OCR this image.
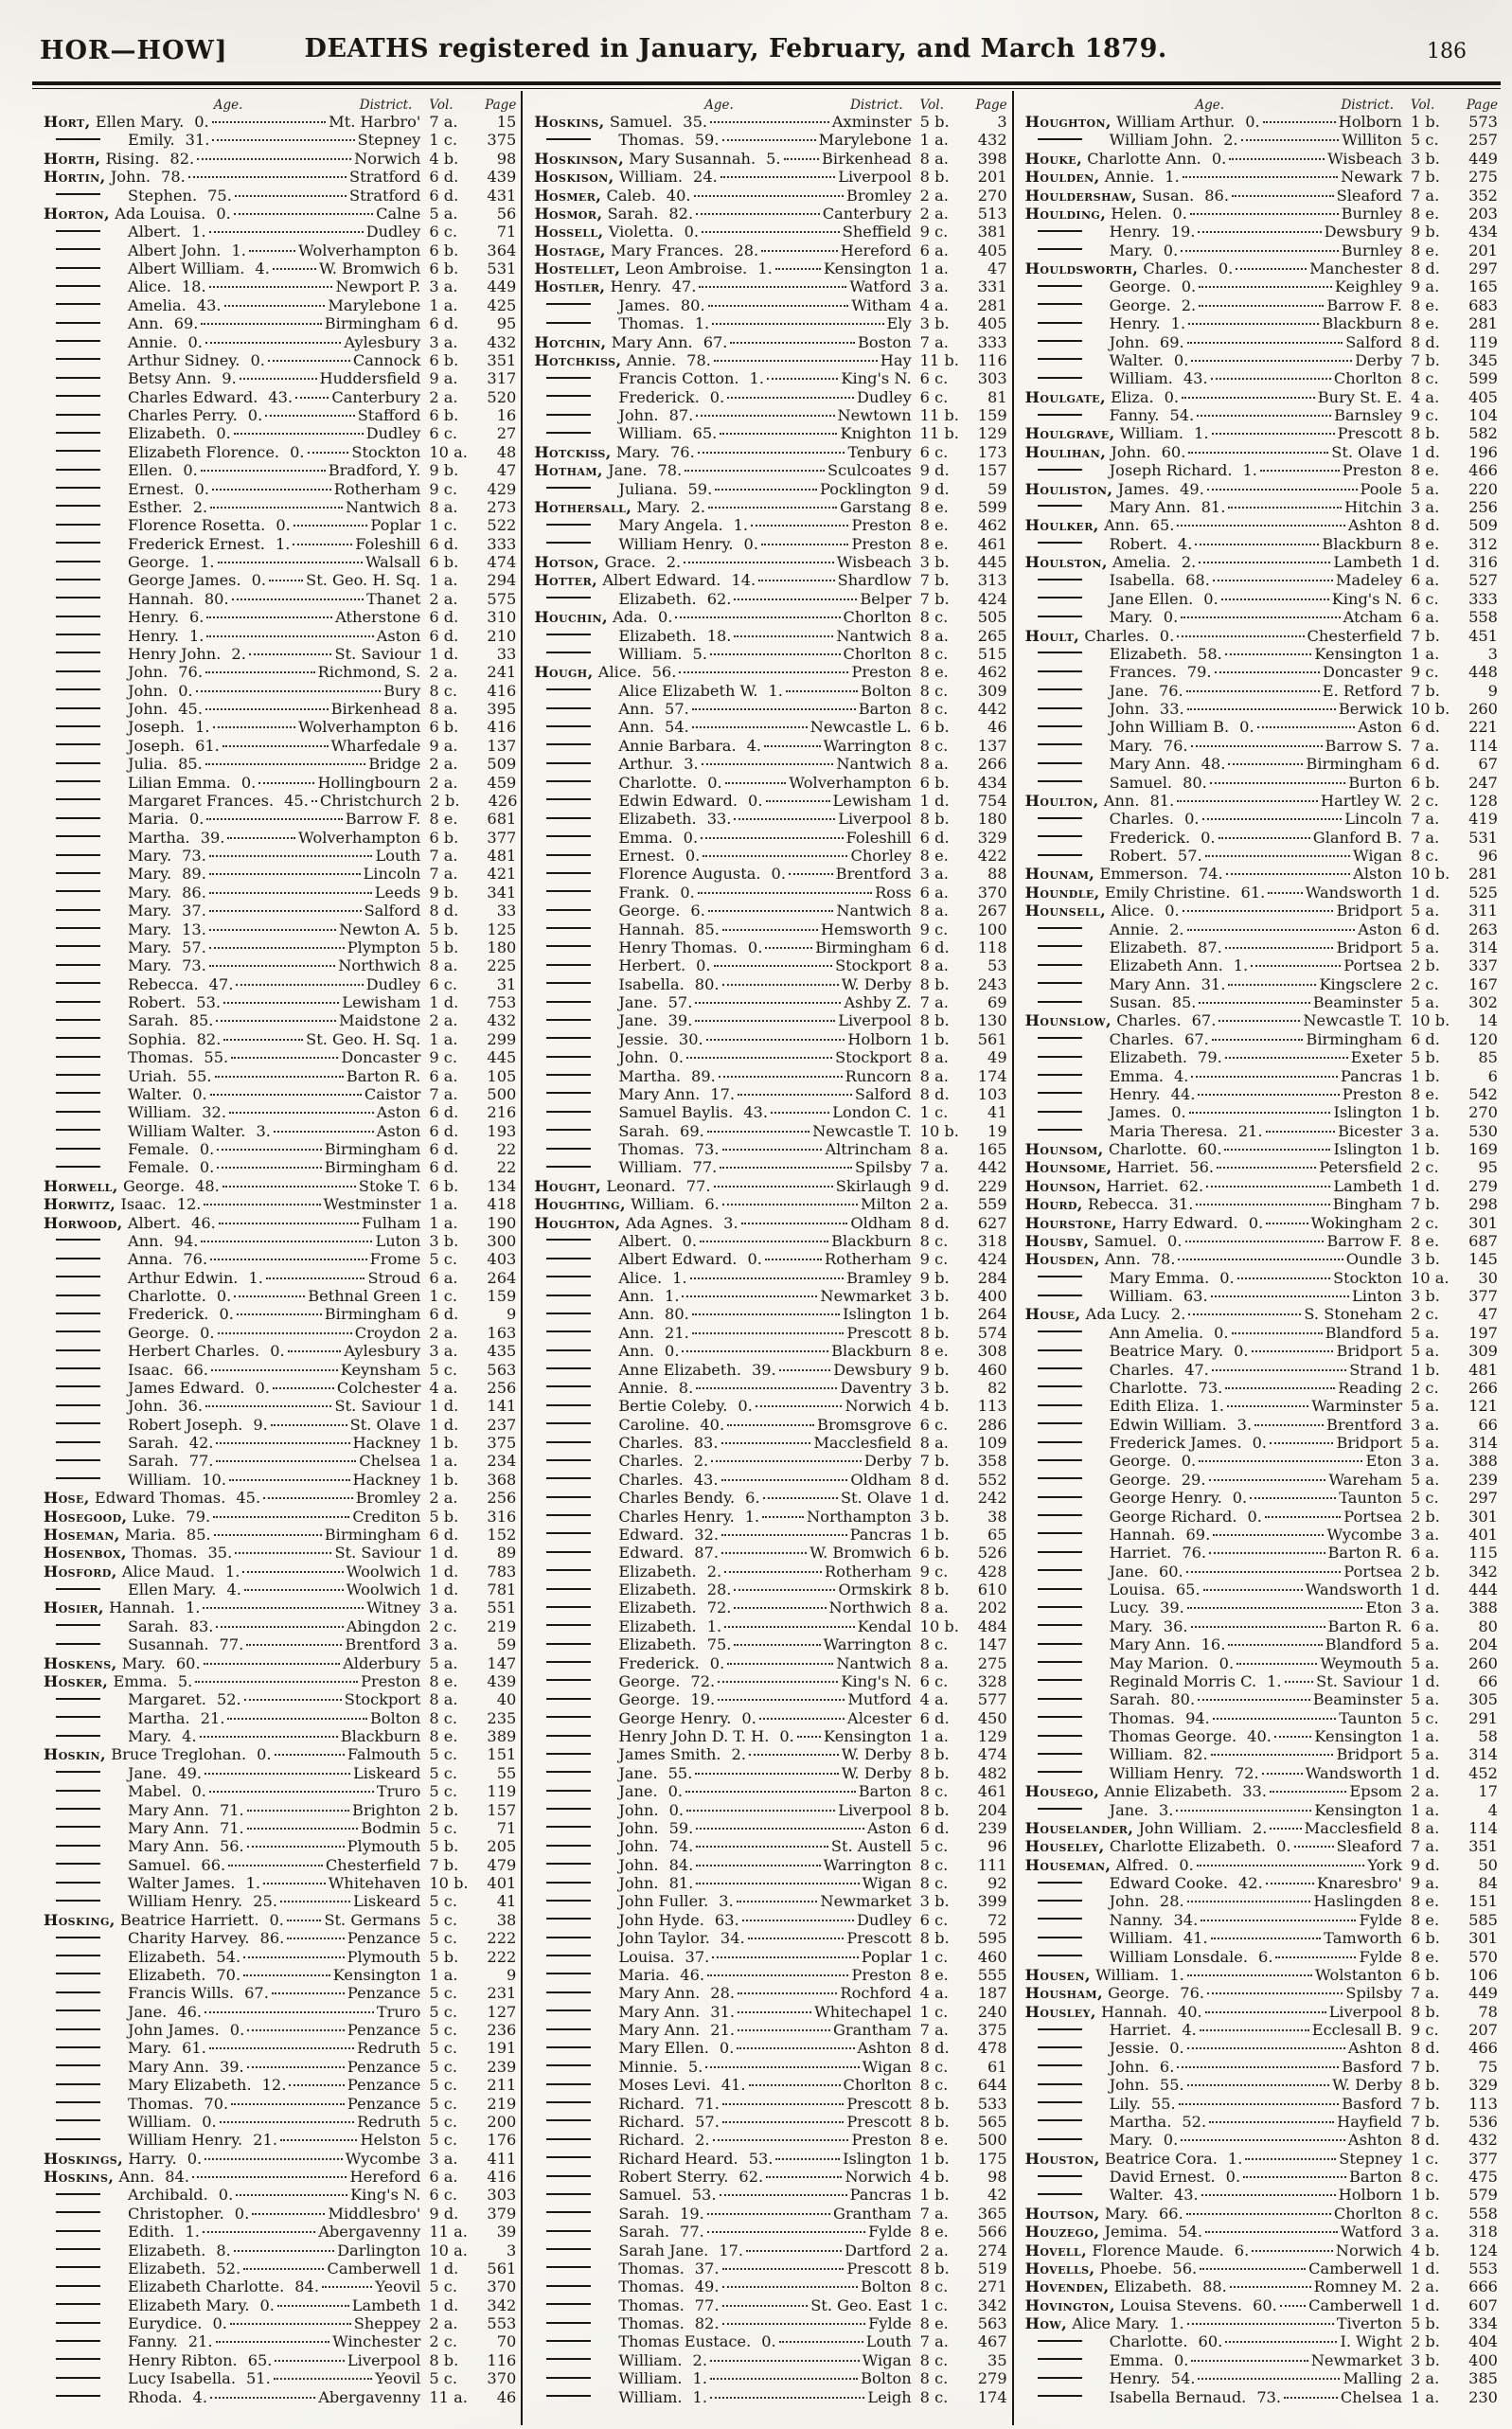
HOR—HOW]	DEATHS registered in January, February, and March 1879.	186
Age.	District.	Vol.	Page
Hort, Ellen Mary. 0.	Mt. Harbro' 7 a.	15
Emily. 31.	Stepney 1 c.	375
Horth, Rising. 82.	Norwich 4 b.	98
Hortin, John. 78.	Stratford 6 d.	439
Stephen. 75.	Stratford 6 d.	431
Horton, Ada Louisa. 0.	Calne 5 a.	56
Albert. 1.	Dudley 6 c.	71
Albert John. 1.	Wolverhampton 6 b.	364
Albert William. 4.	W. Bromwich 6 b.	531
Alice. 18.	Newport P. 3 a.	449
Amelia. 43.	Marylebone 1 a.	425
Ann. 69.	Birmingham 6 d.	95
Annie. 0.	Aylesbury 3 a.	432
Arthur Sidney. 0.	Cannock 6 b.	351
Betsy Ann. 9.	Huddersfield 9 a.	317
Charles Edward. 43.	Canterbury 2 a.	520
Charles Perry. 0.	Stafford 6 b.	16
Elizabeth. 0.	Dudley 6 c.	27
Elizabeth Florence. 0.	Stockton 10 a.	48
Ellen. 0.	Bradford, Y. 9 b.	47
Ernest. 0.	Rotherham 9 c.	429
Esther. 2.	Nantwich 8 a.	273
Florence Rosetta. 0.	Poplar 1 c.	522
Frederick Ernest. 1.	Foleshill 6 d.	333
George. 1.	Walsall 6 b.	474
George James. 0.	St. Geo. H. Sq. 1 a.	294
Hannah. 80.	Thanet 2 a.	575
Henry. 6.	Atherstone 6 d.	310
Henry. 1.	Aston 6 d.	210
Henry John. 2.	St. Saviour 1 d.	33
John. 76.	Richmond, S. 2 a.	241
John. 0.	Bury 8 c.	416
John. 45.	Birkenhead 8 a.	395
Joseph. 1.	Wolverhampton 6 b.	416
Joseph. 61.	Wharfedale 9 a.	137
Julia. 85.	Bridge 2 a.	509
Lilian Emma. 0.	Hollingbourn 2 a.	459
Margaret Frances. 45. Christchurch 2 b.	426
Maria. 0.	Barrow F. 8 e.	681
Martha. 39.	Wolverhampton 6 b.	377
Mary. 73.	Louth 7 a.	481
Mary. 89.	Lincoln 7 a.	421
Mary. 86.	Leeds 9 b.	341
Mary. 37.	Salford 8 d.	33
Mary. 13.	Newton A. 5 b.	125
Mary. 57.	Plympton 5 b.	180
Mary. 73.	Northwich 8 a.	225
Rebecca. 47.	Dudley 6 c.	31
Robert. 53.	Lewisham 1 d.	753
Sarah. 85.	Maidstone 2 a.	432
Sophia. 82.	St. Geo. H. Sq. 1 a.	299
Thomas. 55.	Doncaster 9 c.	445
Uriah. 55.	Barton R. 6 a.	105
Walter. 0.	Caistor 7 a.	500
William. 32.	Aston 6 d.	216
William Walter. 3.	Aston 6 d.	193
Female. 0.	Birmingham 6 d.	22
Female. 0.	Birmingham 6 d.	22
Horwell, George. 48.	Stoke T. 6 b.	134
Horwitz, Isaac. 12.	Westminster 1 a.	418
Horwood, Albert. 46.	Fulham 1 a.	190
Ann. 94.	Luton 3 b.	300
Anna. 76.	Frome 5 c.	403
Arthur Edwin. 1.	Stroud 6 a.	264
Charlotte. 0.	Bethnal Green 1 c.	159
Frederick. 0.	Birmingham 6 d.	9
George. 0.	Croydon 2 a.	163
Herbert Charles. 0.	Aylesbury 3 a.	435
Isaac. 66.	Keynsham 5 c.	563
James Edward. 0.	Colchester 4 a.	256
John. 36.	St. Saviour 1 d.	141
Robert Joseph. 9.	St. Olave 1 d.	237
Sarah. 42.	Hackney 1 b.	375
Sarah. 77.	Chelsea 1 a.	234
William. 10.	Hackney 1 b.	368
Hose, Edward Thomas. 45.	Bromley 2 a.	256
Hosegood, Luke. 79.	Crediton 5 b.	316
Hoseman, Maria. 85.	Birmingham 6 d.	152
Hosenbox, Thomas. 35.	St. Saviour 1 d.	89
Hosford, Alice Maud. 1.	Woolwich 1 d.	783
Ellen Mary. 4.	Woolwich 1 d.	781
Hosier, Hannah. 1.	Witney 3 a.	551
Sarah. 83.	Abingdon 2 c.	219
Susannah. 77.	Brentford 3 a.	59
Hoskens, Mary. 60.	Alderbury 5 a.	147
Hosker, Emma. 5.	Preston 8 e.	439
Margaret. 52.	Stockport 8 a.	40
Martha. 21.	Bolton 8 c.	235
Mary. 4.	Blackburn 8 e.	389
Hoskin, Bruce Treglohan. 0.	Falmouth 5 c.	151
Jane. 49.	Liskeard 5 c.	55
Mabel. 0.	Truro 5 c.	119
Mary Ann. 71.	Brighton 2 b.	157
Mary Ann. 71.	Bodmin 5 c.	71
Mary Ann. 56.	Plymouth 5 b.	205
Samuel. 66.	Chesterfield 7 b.	479
Walter James. 1.	Whitehaven 10 b.	401
William Henry. 25.	Liskeard 5 c.	41
Hosking, Beatrice Harriett. 0.	St. Germans 5 c.	38
Charity Harvey. 86.	Penzance 5 c.	222
Elizabeth. 54.	Plymouth 5 b.	222
Elizabeth. 70.	Kensington 1 a.	9
Francis Wills. 67.	Penzance 5 c.	231
Jane. 46.	Truro 5 c.	127
John James. 0.	Penzance 5 c.	236
Mary. 61.	Redruth 5 c.	191
Mary Ann. 39.	Penzance 5 c.	239
Mary Elizabeth. 12.	Penzance 5 c.	211
Thomas. 70.	Penzance 5 c.	219
William. 0.	Redruth 5 c.	200
William Henry. 21.	Helston 5 c.	176
Hoskings, Harry. 0.	Wycombe 3 a.	411
Hoskins, Ann. 84.	Hereford 6 a.	416
Archibald. 0.	King's N. 6 c.	303
Christopher. 0.	Middlesbro' 9 d.	379
Edith. 1.	Abergavenny 11 a.	39
Elizabeth. 8.	Darlington 10 a.	3
Elizabeth. 52.	Camberwell 1 d.	561
Elizabeth Charlotte. 84.	Yeovil 5 c.	370
Elizabeth Mary. 0.	Lambeth 1 d.	342
Eurydice. 0.	Sheppey 2 a.	553
Fanny. 21.	Winchester 2 c.	70
Henry Ribton. 65.	Liverpool 8 b.	116
Lucy Isabella. 51.	Yeovil 5 c.	370
Rhoda. 4.	Abergavenny 11 a.	46
Age.	District.	Vol.	Page
Hoskins, Samuel. 35.	Axminster 5 b.	3
Thomas. 59.	Marylebone 1 a.	432
Hoskinson, Mary Susannah. 5.	Birkenhead 8 a.	398
Hoskison, William. 24.	Liverpool 8 b.	201
Hosmer, Caleb. 40.	Bromley 2 a.	270
Hosmor, Sarah. 82.	Canterbury 2 a.	513
Hossell, Violetta. 0.	Sheffield 9 c.	381
Hostage, Mary Frances. 28.	Hereford 6 a.	405
Hostellet, Leon Ambroise. 1.	Kensington 1 a.	47
Hostler, Henry. 47.	Watford 3 a.	331
James. 80.	Witham 4 a.	281
Thomas. 1.	Ely 3 b.	405
Hotchin, Mary Ann. 67.	Boston 7 a.	333
Hotchkiss, Annie. 78.	Hay 11 b.	116
Francis Cotton. 1.	King's N. 6 c.	303
Frederick. 0.	Dudley 6 c.	81
John. 87.	Newtown 11 b.	159
William. 65.	Knighton 11 b.	129
Hotckiss, Mary. 76.	Tenbury 6 c.	173
Hotham, Jane. 78.	Sculcoates 9 d.	157
Juliana. 59.	Pocklington 9 d.	59
Hothersall, Mary. 2.	Garstang 8 e.	599
Mary Angela. 1.	Preston 8 e.	462
William Henry. 0.	Preston 8 e.	461
Hotson, Grace. 2.	Wisbeach 3 b.	445
Hotter, Albert Edward. 14.	Shardlow 7 b.	313
Elizabeth. 62.	Belper 7 b.	424
Houchin, Ada. 0.	Chorlton 8 c.	505
Elizabeth. 18.	Nantwich 8 a.	265
William. 5.	Chorlton 8 c.	515
Hough, Alice. 56.	Preston 8 e.	462
Alice Elizabeth W. 1.	Bolton 8 c.	309
Ann. 57.	Barton 8 c.	442
Ann. 54.	Newcastle L. 6 b.	46
Annie Barbara. 4.	Warrington 8 c.	137
Arthur. 3.	Nantwich 8 a.	266
Charlotte. 0.	Wolverhampton 6 b.	434
Edwin Edward. 0.	Lewisham 1 d.	754
Elizabeth. 33.	Liverpool 8 b.	180
Emma. 0.	Foleshill 6 d.	329
Ernest. 0.	Chorley 8 e.	422
Florence Augusta. 0.	Brentford 3 a.	88
Frank. 0.	Ross 6 a.	370
George. 6.	Nantwich 8 a.	267
Hannah. 85.	Hemsworth 9 c.	100
Henry Thomas. 0.	Birmingham 6 d.	118
Herbert. 0.	Stockport 8 a.	53
Isabella. 80.	W. Derby 8 b.	243
Jane. 57.	Ashby Z. 7 a.	69
Jane. 39.	Liverpool 8 b.	130
Jessie. 30.	Holborn 1 b.	561
John. 0.	Stockport 8 a.	49
Martha. 89.	Runcorn 8 a.	174
Mary Ann. 17.	Salford 8 d.	103
Samuel Baylis. 43.	London C. 1 c.	41
Sarah. 69.	Newcastle T. 10 b.	19
Thomas. 73.	Altrincham 8 a.	165
William. 77.	Spilsby 7 a.	442
Hought, Leonard. 77.	Skirlaugh 9 d.	229
Houghting, William. 6.	Milton 2 a.	559
Houghton, Ada Agnes. 3.	Oldham 8 d.	627
Albert. 0.	Blackburn 8 c.	318
Albert Edward. 0.	Rotherham 9 c.	424
Alice. 1.	Bramley 9 b.	284
Ann. 1.	Newmarket 3 b.	400
Ann. 80.	Islington 1 b.	264
Ann. 21.	Prescott 8 b.	574
Ann. 0.	Blackburn 8 e.	308
Anne Elizabeth. 39.	Dewsbury 9 b.	460
Annie. 8.	Daventry 3 b.	82
Bertie Coleby. 0.	Norwich 4 b.	113
Caroline. 40.	Bromsgrove 6 c.	286
Charles. 83.	Macclesfield 8 a.	109
Charles. 2.	Derby 7 b.	358
Charles. 43.	Oldham 8 d.	552
Charles Bendy. 6.	St. Olave 1 d.	242
Charles Henry. 1.	Northampton 3 b.	38
Edward. 32.	Pancras 1 b.	65
Edward. 87.	W. Bromwich 6 b.	526
Elizabeth. 2.	Rotherham 9 c.	428
Elizabeth. 28.	Ormskirk 8 b.	610
Elizabeth. 72.	Northwich 8 a.	202
Elizabeth. 1.	Kendal 10 b.	484
Elizabeth. 75.	Warrington 8 c.	147
Frederick. 0.	Nantwich 8 a.	275
George. 72.	King's N. 6 c.	328
George. 19.	Mutford 4 a.	577
George Henry. 0.	Alcester 6 d.	450
Henry John D. T. H. 0. Kensington 1 a.	129
James Smith. 2.	W. Derby 8 b.	474
Jane. 55.	W. Derby 8 b.	482
Jane. 0.	Barton 8 c.	461
John. 0.	Liverpool 8 b.	204
John. 59.	Aston 6 d.	239
John. 74.	St. Austell 5 c.	96
John. 84.	Warrington 8 c.	111
John. 81.	Wigan 8 c.	92
John Fuller. 3.	Newmarket 3 b.	399
John Hyde. 63.	Dudley 6 c.	72
John Taylor. 34.	Prescott 8 b.	595
Louisa. 37.	Poplar 1 c.	460
Maria. 46.	Preston 8 e.	555
Mary Ann. 28.	Rochford 4 a.	187
Mary Ann. 31.	Whitechapel 1 c.	240
Mary Ann. 21.	Grantham 7 a.	375
Mary Ellen. 0.	Ashton 8 d.	478
Minnie. 5.	Wigan 8 c.	61
Moses Levi. 41.	Chorlton 8 c.	644
Richard. 71.	Prescott 8 b.	533
Richard. 57.	Prescott 8 b.	565
Richard. 2.	Preston 8 e.	500
Richard Heard. 53.	Islington 1 b.	175
Robert Sterry. 62.	Norwich 4 b.	98
Samuel. 53.	Pancras 1 b.	42
Sarah. 19.	Grantham 7 a.	365
Sarah. 77.	Fylde 8 e.	566
Sarah Jane. 17.	Dartford 2 a.	274
Thomas. 37.	Prescott 8 b.	519
Thomas. 49.	Bolton 8 c.	271
Thomas. 77.	St. Geo. East 1 c.	342
Thomas. 82.	Fylde 8 e.	563
Thomas Eustace. 0.	Louth 7 a.	467
William. 2.	Wigan 8 c.	35
William. 1.	Bolton 8 c.	279
William. 1.	Leigh 8 c.	174
Age.	District.	Vol.	Page
Houghton, William Arthur. 0.	Holborn 1 b.	573
William John. 2.	Williton 5 c.	257
Houke, Charlotte Ann. 0.	Wisbeach 3 b.	449
Houlden, Annie. 1.	Newark 7 b.	275
Houldershaw, Susan. 86.	Sleaford 7 a.	352
Houlding, Helen. 0.	Burnley 8 e.	203
Henry. 19.	Dewsbury 9 b.	434
Mary. 0.	Burnley 8 e.	201
Houldsworth, Charles. 0.	Manchester 8 d.	297
George. 0.	Keighley 9 a.	165
George. 2.	Barrow F. 8 e.	683
Henry. 1.	Blackburn 8 e.	281
John. 69.	Salford 8 d.	119
Walter. 0.	Derby 7 b.	345
William. 43.	Chorlton 8 c.	599
Houlgate, Eliza. 0.	Bury St. E. 4 a.	405
Fanny. 54.	Barnsley 9 c.	104
Houlgrave, William. 1.	Prescott 8 b.	582
Houlihan, John. 60.	St. Olave 1 d.	196
Joseph Richard. 1.	Preston 8 e.	466
Houliston, James. 49.	Poole 5 a.	220
Mary Ann. 81.	Hitchin 3 a.	256
Houlker, Ann. 65.	Ashton 8 d.	509
Robert. 4.	Blackburn 8 e.	312
Houlston, Amelia. 2.	Lambeth 1 d.	316
Isabella. 68.	Madeley 6 a.	527
Jane Ellen. 0.	King's N. 6 c.	333
Mary. 0.	Atcham 6 a.	558
Hoult, Charles. 0.	Chesterfield 7 b.	451
Elizabeth. 58.	Kensington 1 a.	3
Frances. 79.	Doncaster 9 c.	448
Jane. 76.	E. Retford 7 b.	9
John. 33.	Berwick 10 b.	260
John William B. 0.	Aston 6 d.	221
Mary. 76.	Barrow S. 7 a.	114
Mary Ann. 48.	Birmingham 6 d.	67
Samuel. 80.	Burton 6 b.	247
Houlton, Ann. 81.	Hartley W. 2 c.	128
Charles. 0.	Lincoln 7 a.	419
Frederick. 0.	Glanford B. 7 a.	531
Robert. 57.	Wigan 8 c.	96
Hounam, Emmerson. 74.	Alston 10 b.	281
Houndle, Emily Christine. 61.	Wandsworth 1 d.	525
Hounsell, Alice. 0.	Bridport 5 a.	311
Annie. 2.	Aston 6 d.	263
Elizabeth. 87.	Bridport 5 a.	314
Elizabeth Ann. 1.	Portsea 2 b.	337
Mary Ann. 31.	Kingsclere 2 c.	167
Susan. 85.	Beaminster 5 a.	302
Hounslow, Charles. 67.	Newcastle T. 10 b.	14
Charles. 67.	Birmingham 6 d.	120
Elizabeth. 79.	Exeter 5 b.	85
Emma. 4.	Pancras 1 b.	6
Henry. 44.	Preston 8 e.	542
James. 0.	Islington 1 b.	270
Maria Theresa. 21.	Bicester 3 a.	530
Hounsom, Charlotte. 60.	Islington 1 b.	169
Hounsome, Harriet. 56.	Petersfield 2 c.	95
Hounson, Harriet. 62.	Lambeth 1 d.	279
Hourd, Rebecca. 31.	Bingham 7 b.	298
Hourstone, Harry Edward. 0.	Wokingham 2 c.	301
Housby, Samuel. 0.	Barrow F. 8 e.	687
Housden, Ann. 78.	Oundle 3 b.	145
Mary Emma. 0.	Stockton 10 a.	30
William. 63.	Linton 3 b.	377
House, Ada Lucy. 2.	S. Stoneham 2 c.	47
Ann Amelia. 0.	Blandford 5 a.	197
Beatrice Mary. 0.	Bridport 5 a.	309
Charles. 47.	Strand 1 b.	481
Charlotte. 73.	Reading 2 c.	266
Edith Eliza. 1.	Warminster 5 a.	121
Edwin William. 3.	Brentford 3 a.	66
Frederick James. 0.	Bridport 5 a.	314
George. 0.	Eton 3 a.	388
George. 29.	Wareham 5 a.	239
George Henry. 0.	Taunton 5 c.	297
George Richard. 0.	Portsea 2 b.	301
Hannah. 69.	Wycombe 3 a.	401
Harriet. 76.	Barton R. 6 a.	115
Jane. 60.	Portsea 2 b.	342
Louisa. 65.	Wandsworth 1 d.	444
Lucy. 39.	Eton 3 a.	388
Mary. 36.	Barton R. 6 a.	80
Mary Ann. 16.	Blandford 5 a.	204
May Marion. 0.	Weymouth 5 a.	260
Reginald Morris C. 1. St. Saviour 1 d.	66
Sarah. 80.	Beaminster 5 a.	305
Thomas. 94.	Taunton 5 c.	291
Thomas George. 40.	Kensington 1 a.	58
William. 82.	Bridport 5 a.	314
William Henry. 72.	Wandsworth 1 d.	452
Housego, Annie Elizabeth. 33.	Epsom 2 a.	17
Jane. 3.	Kensington 1 a.	4
Houselander, John William. 2. Macclesfield 8 a.	114
Houseley, Charlotte Elizabeth. 0.	Sleaford 7 a.	351
Houseman, Alfred. 0.	York 9 d.	50
Edward Cooke. 42.	Knaresbro' 9 a.	84
John. 28.	Haslingden 8 e.	151
Nanny. 34.	Fylde 8 e.	585
William. 41.	Tamworth 6 b.	301
William Lonsdale. 6.	Fylde 8 e.	570
Housen, William. 1.	Wolstanton 6 b.	106
Housham, George. 76.	Spilsby 7 a.	449
Housley, Hannah. 40.	Liverpool 8 b.	78
Harriet. 4.	Ecclesall B. 9 c.	207
Jessie. 0.	Ashton 8 d.	466
John. 6.	Basford 7 b.	75
John. 55.	W. Derby 8 b.	329
Lily. 55.	Basford 7 b.	113
Martha. 52.	Hayfield 7 b.	536
Mary. 0.	Ashton 8 d.	432
Houston, Beatrice Cora. 1.	Stepney 1 c.	377
David Ernest. 0.	Barton 8 c.	475
Walter. 43.	Holborn 1 b.	579
Houtson, Mary. 66.	Chorlton 8 c.	558
Houzego, Jemima. 54.	Watford 3 a.	318
Hovell, Florence Maude. 6.	Norwich 4 b.	124
Hovells, Phoebe. 56.	Camberwell 1 d.	553
Hovenden, Elizabeth. 88.	Romney M. 2 a.	666
Hovington, Louisa Stevens. 60. Camberwell 1 d.	607
How, Alice Mary. 1.	Tiverton 5 b.	334
Charlotte. 60.	I. Wight 2 b.	404
Emma. 0.	Newmarket 3 b.	400
Henry. 54.	Malling 2 a.	385
Isabella Bernaud. 73.	Chelsea 1 a.	230
